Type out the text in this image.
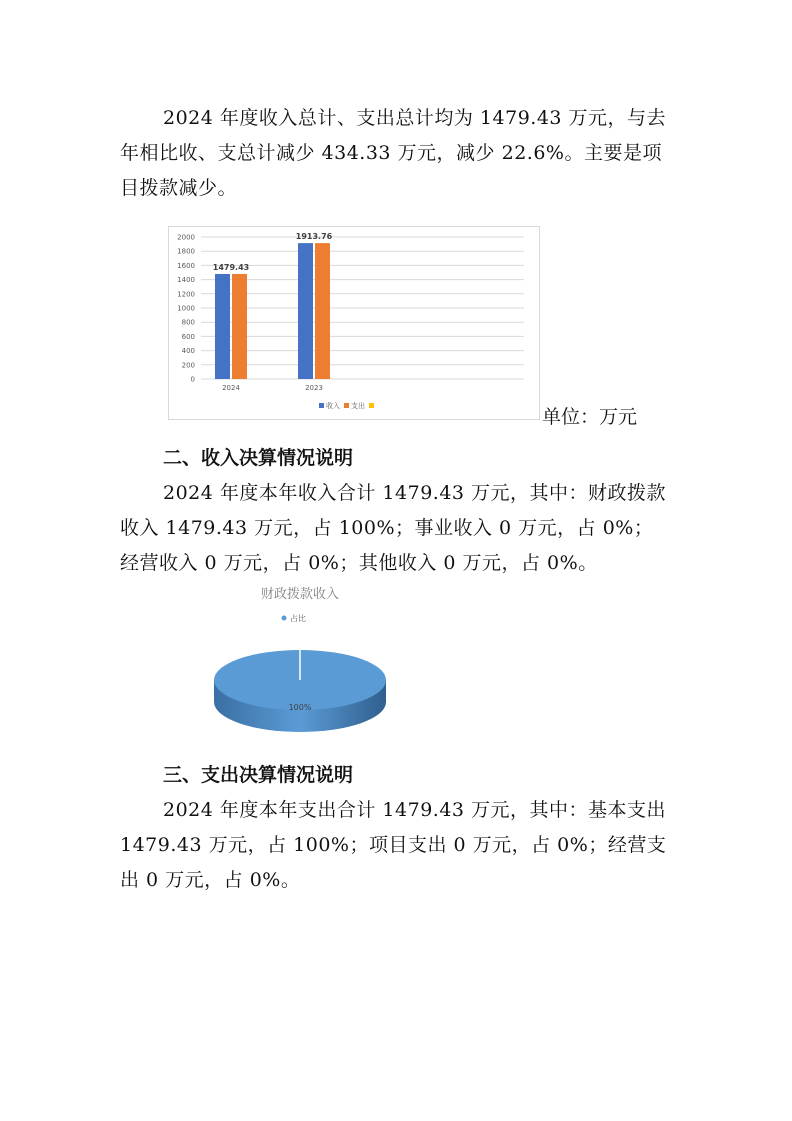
2024 年度收入总计、支出总计均为 1479.43 万元，与去年相比收、支总计减少 434.33 万元，减少 22.6%。主要是项目拨款减少。

0
200
400
600
800
1000
1200
1400
1600
1800
2000
1479.43
2024
1913.76
2023
收入 支出	单位：万元

二、收入决算情况说明

2024 年度本年收入合计 1479.43 万元，其中：财政拨款收入 1479.43 万元，占 100%；事业收入 0 万元，占 0%；经营收入 0 万元，占 0%；其他收入 0 万元，占 0%。

财政拨款收入
占比
100%

三、支出决算情况说明

2024 年度本年支出合计 1479.43 万元，其中：基本支出 1479.43 万元，占 100%；项目支出 0 万元，占 0%；经营支出 0 万元，占 0%。
